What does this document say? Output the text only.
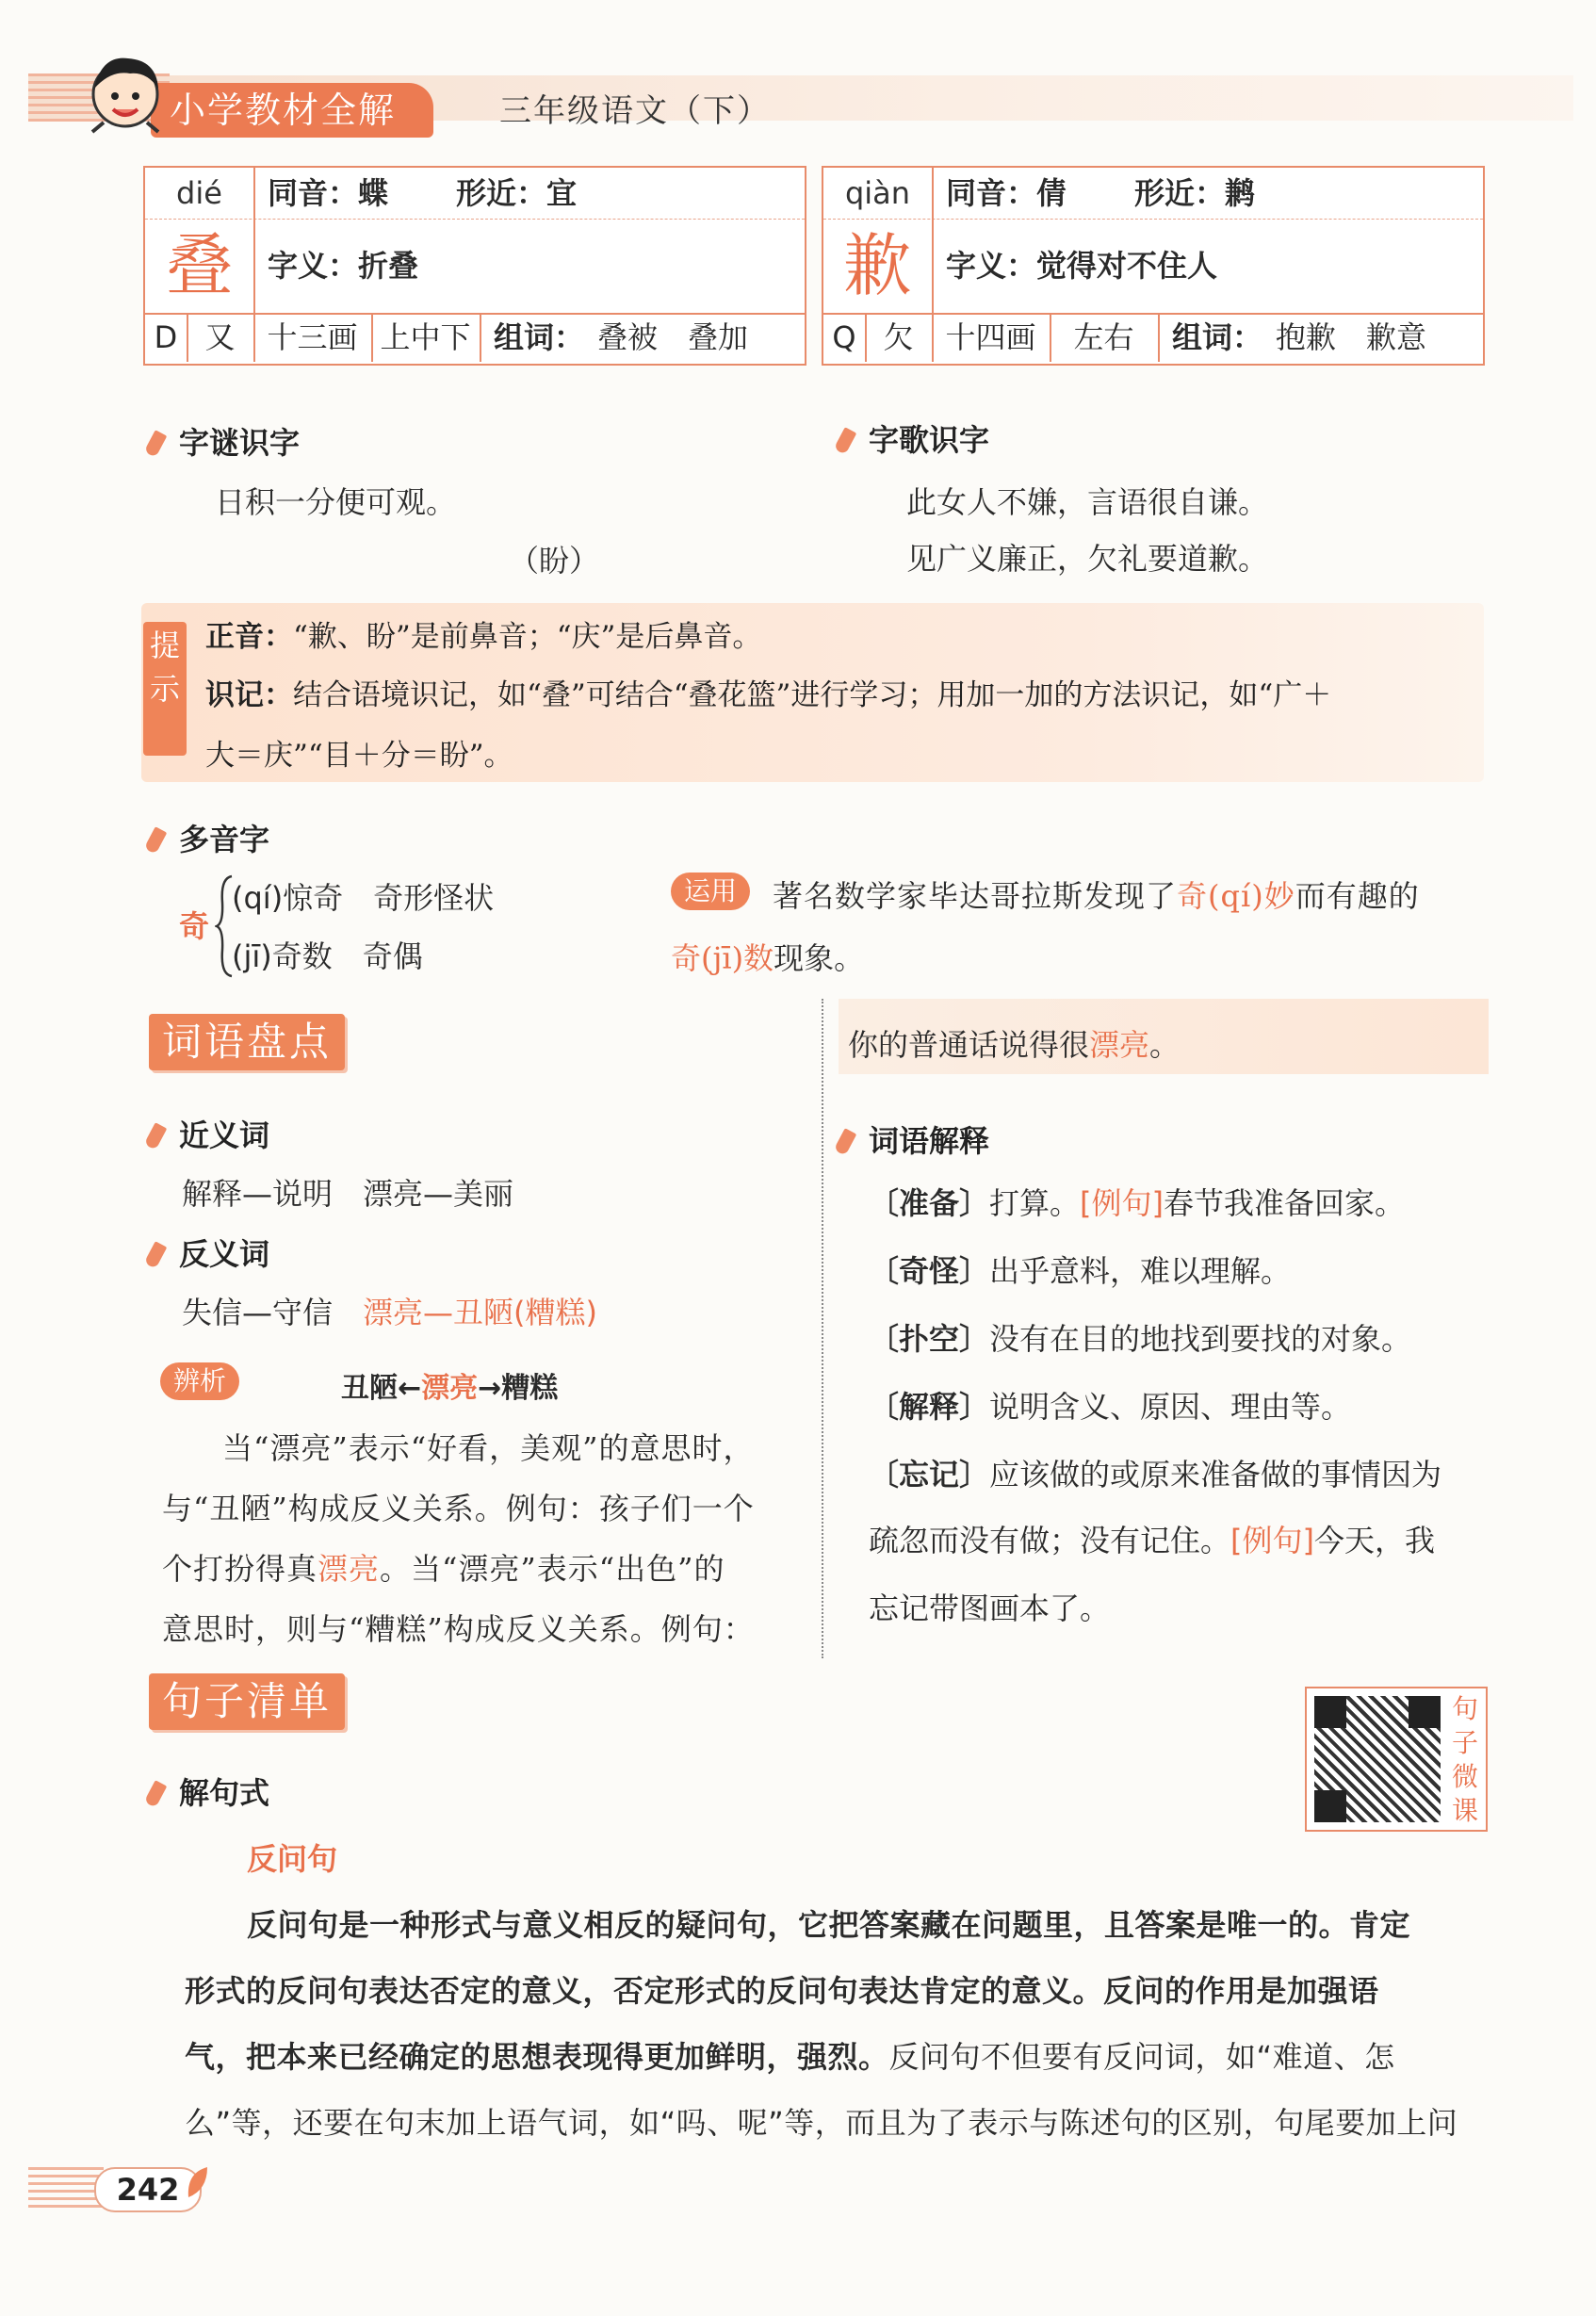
小学教材全解	三年级语文（下）
dié	同音：蝶 形近：宜
叠	字义：折叠
D 又	十三画 上中下 组词： 叠被　叠加
qiàn	同音：倩 形近：鹣
歉	字义：觉得对不住人
Q 欠	十四画	左右	组词： 抱歉　歉意
字谜识字
日积一分便可观。
（盼）
字歌识字
此女人不嫌，言语很自谦。
见广义廉正，欠礼要道歉。
提示
正音：“歉、盼”是前鼻音；“庆”是后鼻音。
识记：结合语境识记，如“叠”可结合“叠花篮”进行学习；用加一加的方法识记，如“广＋
大＝庆”“目＋分＝盼”。
多音字
奇
(qí)惊奇　奇形怪状
(jī)奇数　奇偶
运用	著名数学家毕达哥拉斯发现了奇(qí)妙而有趣的
奇(jī)数现象。
词语盘点
近义词
解释—说明　漂亮—美丽
反义词
失信—守信　 漂亮—丑陋(糟糕)
辨析	丑陋←漂亮→糟糕
当“漂亮”表示“好看，美观”的意思时，
与“丑陋”构成反义关系。例句：孩子们一个
个打扮得真漂亮。当“漂亮”表示“出色”的
意思时，则与“糟糕”构成反义关系。例句：
你的普通话说得很漂亮。
词语解释
〔准备〕打算。[例句]春节我准备回家。
〔奇怪〕出乎意料，难以理解。
〔扑空〕没有在目的地找到要找的对象。
〔解释〕说明含义、原因、理由等。
〔忘记〕应该做的或原来准备做的事情因为
疏忽而没有做；没有记住。[例句]今天，我
忘记带图画本了。
句子清单	句子微课
解句式
反问句
反问句是一种形式与意义相反的疑问句，它把答案藏在问题里，且答案是唯一的。肯定
形式的反问句表达否定的意义，否定形式的反问句表达肯定的意义。反问的作用是加强语
气，把本来已经确定的思想表现得更加鲜明，强烈。反问句不但要有反问词，如“难道、怎
么”等，还要在句末加上语气词，如“吗、呢”等，而且为了表示与陈述句的区别，句尾要加上问
242
